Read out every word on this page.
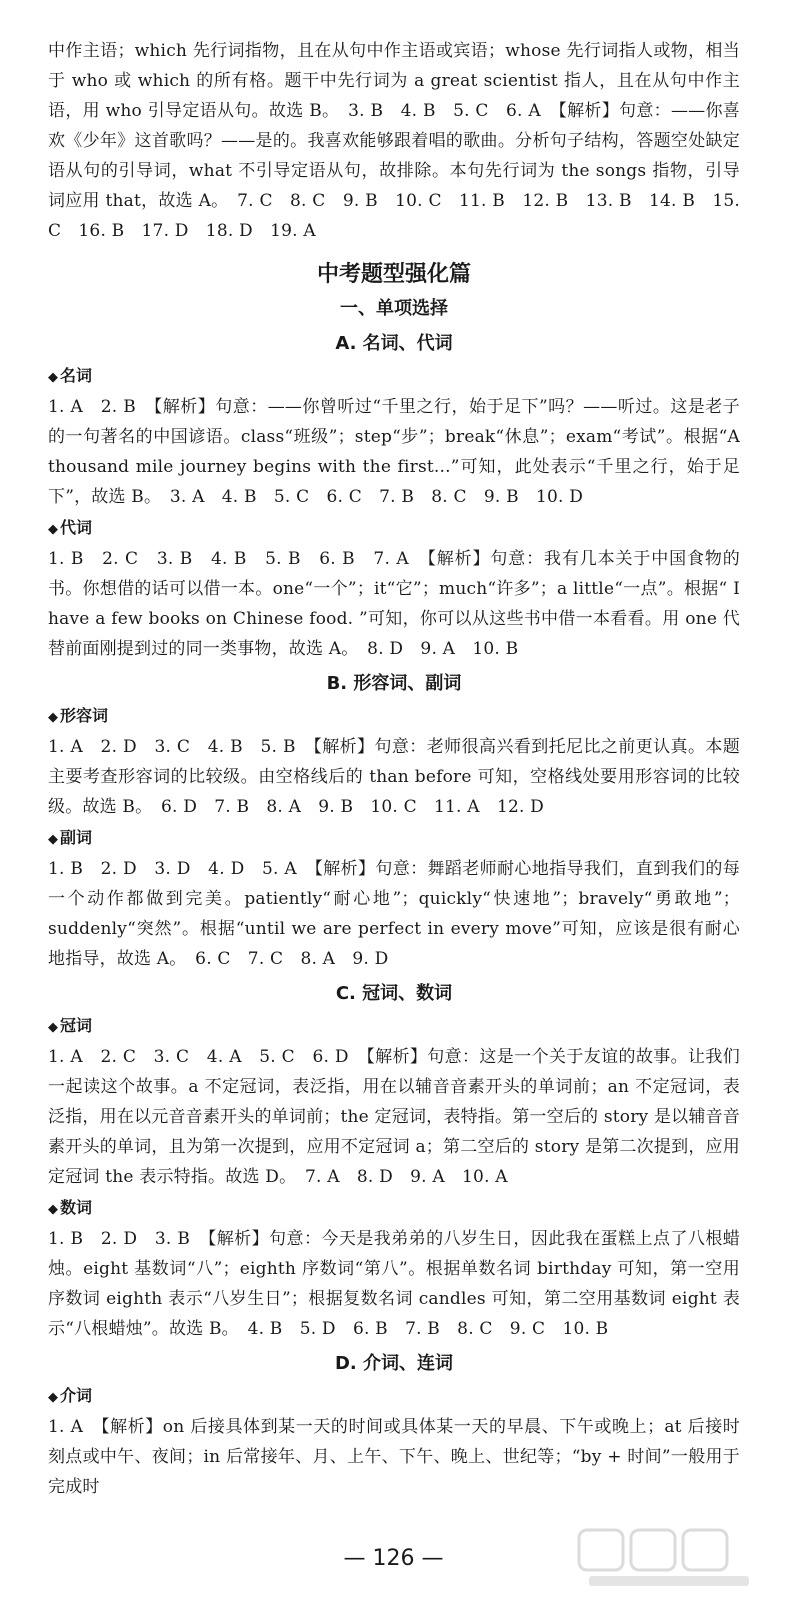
中作主语；which 先行词指物，且在从句中作主语或宾语；whose 先行词指人或物，相当于 who 或 which 的所有格。题干中先行词为 a great scientist 指人，且在从句中作主语，用 who 引导定语从句。故选 B。　3. B　4. B　5. C　6. A　【解析】句意：——你喜欢《少年》这首歌吗？——是的。我喜欢能够跟着唱的歌曲。分析句子结构，答题空处缺定语从句的引导词，what 不引导定语从句，故排除。本句先行词为 the songs 指物，引导词应用 that，故选 A。　7. C　8. C　9. B　10. C　11. B　12. B　13. B　14. B　15. C　16. B　17. D　18. D　19. A

中考题型强化篇
一、单项选择
A. 名词、代词
◆ 名词

1. A　2. B　【解析】句意：——你曾听过“千里之行，始于足下”吗？——听过。这是老子的一句著名的中国谚语。class“班级”；step“步”；break“休息”；exam“考试”。根据“A thousand mile journey begins with the first...”可知，此处表示“千里之行，始于足下”，故选 B。　3. A　4. B　5. C　6. C　7. B　8. C　9. B　10. D

◆ 代词

1. B　2. C　3. B　4. B　5. B　6. B　7. A　【解析】句意：我有几本关于中国食物的书。你想借的话可以借一本。one“一个”；it“它”；much“许多”；a little“一点”。根据“ I have a few books on Chinese food. ”可知，你可以从这些书中借一本看看。用 one 代替前面刚提到过的同一类事物，故选 A。　8. D　9. A　10. B

B. 形容词、副词
◆ 形容词

1. A　2. D　3. C　4. B　5. B　【解析】句意：老师很高兴看到托尼比之前更认真。本题主要考查形容词的比较级。由空格线后的 than before 可知，空格线处要用形容词的比较级。故选 B。　6. D　7. B　8. A　9. B　10. C　11. A　12. D

◆ 副词

1. B　2. D　3. D　4. D　5. A　【解析】句意：舞蹈老师耐心地指导我们，直到我们的每一个动作都做到完美。patiently“耐心地”；quickly“快速地”；bravely“勇敢地”；suddenly“突然”。根据“until we are perfect in every move”可知，应该是很有耐心地指导，故选 A。　6. C　7. C　8. A　9. D

C. 冠词、数词
◆ 冠词

1. A　2. C　3. C　4. A　5. C　6. D　【解析】句意：这是一个关于友谊的故事。让我们一起读这个故事。a 不定冠词，表泛指，用在以辅音音素开头的单词前；an 不定冠词，表泛指，用在以元音音素开头的单词前；the 定冠词，表特指。第一空后的 story 是以辅音音素开头的单词，且为第一次提到，应用不定冠词 a；第二空后的 story 是第二次提到，应用定冠词 the 表示特指。故选 D。　7. A　8. D　9. A　10. A

◆ 数词

1. B　2. D　3. B　【解析】句意：今天是我弟弟的八岁生日，因此我在蛋糕上点了八根蜡烛。eight 基数词“八”；eighth 序数词“第八”。根据单数名词 birthday 可知，第一空用序数词 eighth 表示“八岁生日”；根据复数名词 candles 可知，第二空用基数词 eight 表示“八根蜡烛”。故选 B。　4. B　5. D　6. B　7. B　8. C　9. C　10. B

D. 介词、连词
◆ 介词

1. A　【解析】on 后接具体到某一天的时间或具体某一天的早晨、下午或晚上；at 后接时刻点或中午、夜间；in 后常接年、月、上午、下午、晚上、世纪等；“by + 时间”一般用于完成时

— 126 —
